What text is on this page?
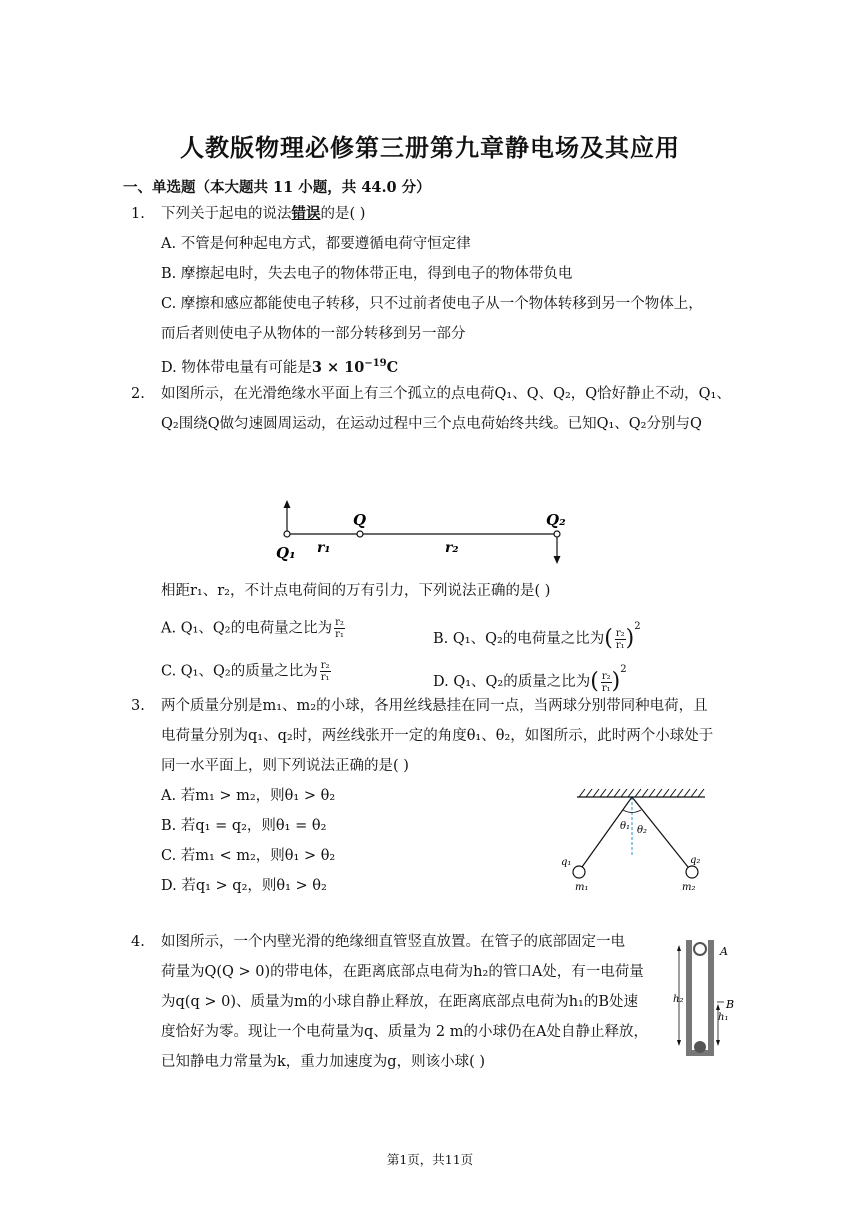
人教版物理必修第三册第九章静电场及其应用
一、单选题（本大题共 11 小题，共 44.0 分）
1. 下列关于起电的说法错误的是( )
A. 不管是何种起电方式，都要遵循电荷守恒定律
B. 摩擦起电时，失去电子的物体带正电，得到电子的物体带负电
C. 摩擦和感应都能使电子转移，只不过前者使电子从一个物体转移到另一个物体上，
而后者则使电子从物体的一部分转移到另一部分
D. 物体带电量有可能是$3 \times 10^{-19}C$
2. 如图所示，在光滑绝缘水平面上有三个孤立的点电荷Q₁、Q、Q₂，Q恰好静止不动，Q₁、
Q₂围绕Q做匀速圆周运动，在运动过程中三个点电荷始终共线。已知Q₁、Q₂分别与Q
Q₁
Q	Q₂
r₁	r₂
相距r₁、r₂，不计点电荷间的万有引力，下列说法正确的是( )
A. Q₁、Q₂的电荷量之比为 $\frac{\text{r₂}}{\text{r₁}}$	B. Q₁、Q₂的电荷量之比为( $\frac{\text{r₂}}{\text{r₁}} )^2$
C. Q₁、Q₂的质量之比为 $\frac{\text{r₂}}{\text{r₁}}$	D. Q₁、Q₂的质量之比为( $\frac{\text{r₂}}{\text{r₁}} )^2$
3. 两个质量分别是m₁、m₂的小球，各用丝线悬挂在同一点，当两球分别带同种电荷，且
电荷量分别为q₁、q₂时，两丝线张开一定的角度θ₁、θ₂，如图所示，此时两个小球处于
同一水平面上，则下列说法正确的是( )
A. 若m₁ > m₂，则θ₁ > θ₂
B. 若q₁ = q₂，则θ₁ = θ₂
C. 若m₁ < m₂，则θ₁ > θ₂
D. 若q₁ > q₂，则θ₁ > θ₂
θ₁ θ₂
q₁	q₂
m₁	m₂
4. 如图所示，一个内壁光滑的绝缘细直管竖直放置。在管子的底部固定一电
荷量为Q(Q > 0)的带电体，在距离底部点电荷为h₂的管口A处，有一电荷量
为q(q > 0)、质量为m的小球自静止释放，在距离底部点电荷为h₁的B处速
度恰好为零。现让一个电荷量为q、质量为 2 m的小球仍在A处自静止释放，
已知静电力常量为k，重力加速度为g，则该小球( )
h₂
h₁
A
B
第1页，共11页
